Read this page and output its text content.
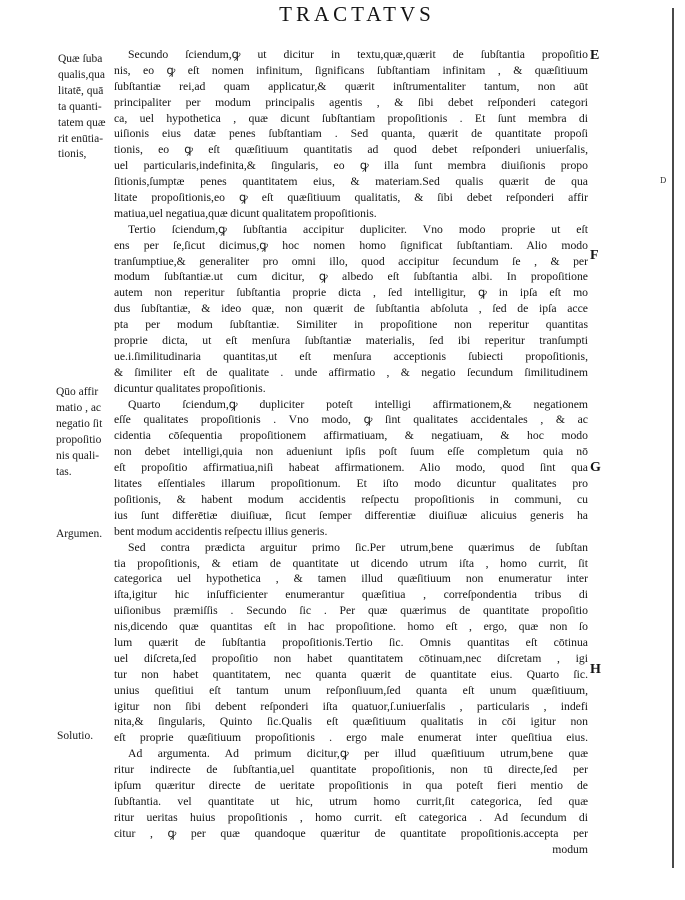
TRACTATVS
Quæ ſuba
qualis,qua
litatē, quā
ta quanti-
tatem quæ
rit enūtia-
tionis,
Qūo affir
matio , ac
negatio ſit
propoſitio
nis quali-
tas.
Argumen.
Solutio.
E
F
G
H
D
Secundo ſciendum,ꝙ ut dicitur in textu,quæ,quærit de ſubſtantia propoſitio
nis, eo ꝙ eſt nomen infinitum, ſignificans ſubſtantiam infinitam , & quæſitiuum
ſubſtantiæ rei,ad quam applicatur,& quærit inſtrumentaliter tantum, non aūt
principaliter per modum principalis agentis , & ſibi debet reſponderi categori
ca, uel hypothetica , quæ dicunt ſubſtantiam propoſitionis . Et ſunt membra di
uiſionis eius datæ penes ſubſtantiam . Sed quanta, quærit de quantitate propoſi
tionis, eo ꝙ eſt quæſitiuum quantitatis ad quod debet reſponderi uniuerſalis,
uel particularis,indefinita,& ſingularis, eo ꝙ illa ſunt membra diuiſionis propo
ſitionis,ſumptæ penes quantitatem eius, & materiam.Sed qualis quærit de qua
litate propoſitionis,eo ꝙ eſt quæſitiuum qualitatis, & ſibi debet reſponderi affir
matiua,uel negatiua,quæ dicunt qualitatem propoſitionis.
Tertio ſciendum,ꝙ ſubſtantia accipitur dupliciter. Vno modo proprie ut eſt
ens per ſe,ſicut dicimus,ꝙ hoc nomen homo ſignificat ſubſtantiam. Alio modo
tranſumptiue,& generaliter pro omni illo, quod accipitur ſecundum ſe , & per
modum ſubſtantiæ.ut cum dicitur, ꝙ albedo eſt ſubſtantia albi. In propoſitione
autem non reperitur ſubſtantia proprie dicta , ſed intelligitur, ꝙ in ipſa eſt mo
dus ſubſtantiæ, & ideo quæ, non quærit de ſubſtantia abſoluta , ſed de ipſa acce
pta per modum ſubſtantiæ. Similiter in propoſitione non reperitur quantitas
proprie dicta, ut eſt menſura ſubſtantiæ materialis, ſed ibi reperitur tranſumpti
ue.i.ſimilitudinaria quantitas,ut eſt menſura acceptionis ſubiecti propoſitionis,
& ſimiliter eſt de qualitate . unde affirmatio , & negatio ſecundum ſimilitudinem
dicuntur qualitates propoſitionis.
Quarto ſciendum,ꝙ dupliciter poteſt intelligi affirmationem,& negationem
eſſe qualitates propoſitionis . Vno modo, ꝙ ſint qualitates accidentales , & ac
cidentia cōſequentia propoſitionem affirmatiuam, & negatiuam, & hoc modo
non debet intelligi,quia non adueniunt ipſis poſt ſuum eſſe completum quia nō
eſt propoſitio affirmatiua,niſi habeat affirmationem. Alio modo, quod ſint qua
litates eſſentiales illarum propoſitionum. Et iſto modo dicuntur qualitates pro
poſitionis, & habent modum accidentis reſpectu propoſitionis in communi, cu
ius ſunt differētiæ diuiſiuæ, ſicut ſemper differentiæ diuiſiuæ alicuius generis ha
bent modum accidentis reſpectu illius generis.
Sed contra prædicta arguitur primo ſic.Per utrum,bene quærimus de ſubſtan
tia propoſitionis, & etiam de quantitate ut dicendo utrum iſta , homo currit, ſit
categorica uel hypothetica , & tamen illud quæſitiuum non enumeratur inter
iſta,igitur hic inſufficienter enumerantur quæſitiua , correſpondentia tribus di
uiſionibus præmiſſis . Secundo ſic . Per quæ quærimus de quantitate propoſitio
nis,dicendo quæ quantitas eſt in hac propoſitione. homo eſt , ergo, quæ non ſo
lum quærit de ſubſtantia propoſitionis.Tertio ſic. Omnis quantitas eſt cōtinua
uel diſcreta,ſed propoſitio non habet quantitatem cōtinuam,nec diſcretam , igi
tur non habet quantitatem, nec quanta quærit de quantitate eius. Quarto ſic.
unius queſitiui eſt tantum unum reſponſiuum,ſed quanta eſt unum quæſitiuum,
igitur non ſibi debent reſponderi iſta quatuor,ſ.uniuerſalis , particularis , indefi
nita,& ſingularis, Quinto ſic.Qualis eſt quæſitiuum qualitatis in cōi igitur non
eſt proprie quæſitiuum propoſitionis . ergo male enumerat inter queſitiua eius.
Ad argumenta. Ad primum dicitur,ꝙ per illud quæſitiuum utrum,bene quæ
ritur indirecte de ſubſtantia,uel quantitate propoſitionis, non tū directe,ſed per
ipſum quæritur directe de ueritate propoſitionis in qua poteſt fieri mentio de
ſubſtantia. vel quantitate ut hic, utrum homo currit,ſit categorica, ſed quæ
ritur ueritas huius propoſitionis , homo currit. eſt categorica . Ad ſecundum di
citur , ꝙ per quæ quandoque quæritur de quantitate propoſitionis.accepta per
modum
